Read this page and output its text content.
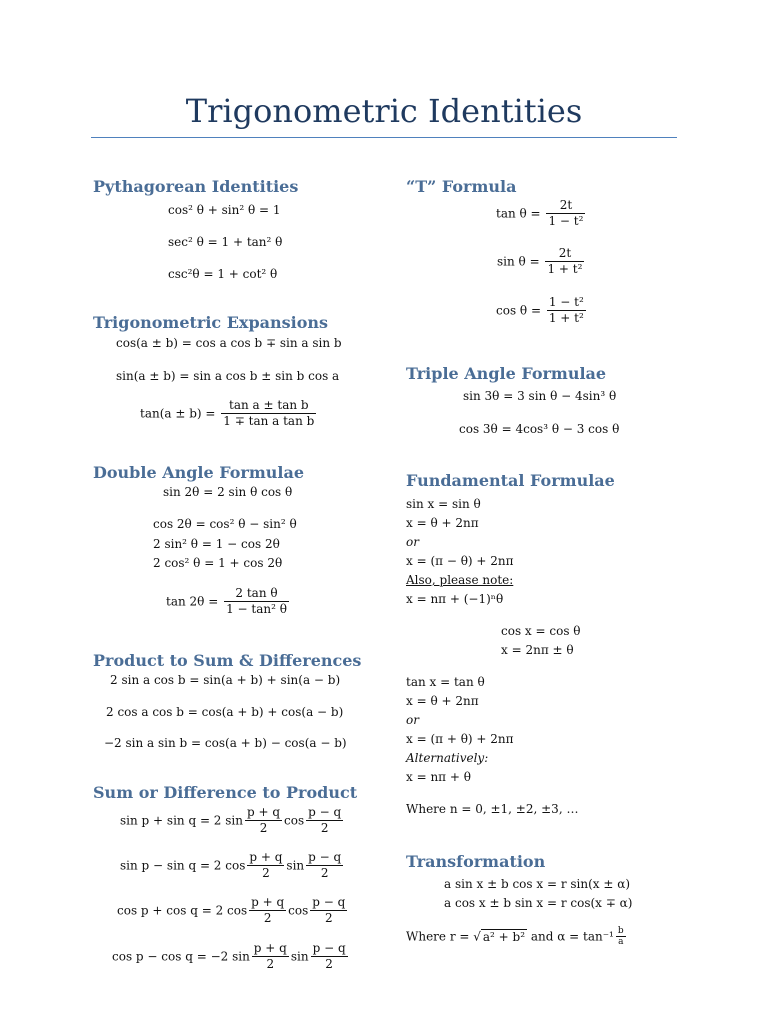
Trigonometric Identities
Pythagorean Identities
cos² θ + sin² θ = 1
sec² θ = 1 + tan² θ
csc²θ = 1 + cot² θ
Trigonometric Expansions
cos(a ± b) = cos a cos b ∓ sin a sin b
sin(a ± b) = sin a cos b ± sin b cos a
$\tan(a \pm b) = \frac{\text{tan a ± tan b}}{\text{1 ∓ tan a tan b}}$
Double Angle Formulae
sin 2θ = 2 sin θ cos θ
cos 2θ = cos² θ − sin² θ
2 sin² θ = 1 − cos 2θ
2 cos² θ = 1 + cos 2θ
$\tan 2\theta = \frac{\text{2 tan θ}}{\text{1 − tan² θ}}$
Product to Sum & Differences
2 sin a cos b = sin(a + b) + sin(a − b)
2 cos a cos b = cos(a + b) + cos(a − b)
−2 sin a sin b = cos(a + b) − cos(a − b)
Sum or Difference to Product
sin p + sin q = 2 $\sin \frac{p + q}{2}$ $\cos \frac{p - q}{2}$
sin p − sin q = 2 $\cos \frac{p + q}{2}$ $\sin \frac{p - q}{2}$
cos p + cos q = 2 $\cos \frac{p + q}{2}$ $\cos \frac{p - q}{2}$
cos p − cos q = −2 $\sin \frac{p + q}{2}$ $\sin \frac{p - q}{2}$
“T” Formula
$\tan \theta = \frac{2t}{\text{1 − t²}}$
$\sin \theta = \frac{2t}{\text{1 + t²}}$
$\cos \theta = \frac{\text{1 − t²}}{\text{1 + t²}}$
Triple Angle Formulae
sin 3θ = 3 sin θ − 4sin³ θ
cos 3θ = 4cos³ θ − 3 cos θ
Fundamental Formulae
sin x = sin θ
x = θ + 2nπ
or
x = (π − θ) + 2nπ
Also, please note:
x = nπ + (−1)ⁿθ
cos x = cos θ
x = 2nπ ± θ
tan x = tan θ
x = θ + 2nπ
or
x = (π + θ) + 2nπ
Alternatively:
x = nπ + θ
Where n = 0, ±1, ±2, ±3, …
Transformation
a sin x ± b cos x = r sin(x ± α)
a cos x ± b sin x = r cos(x ∓ α)
Where r = √ a² + b² and $\alpha = \tan^{-1} \frac{b}{a}$
